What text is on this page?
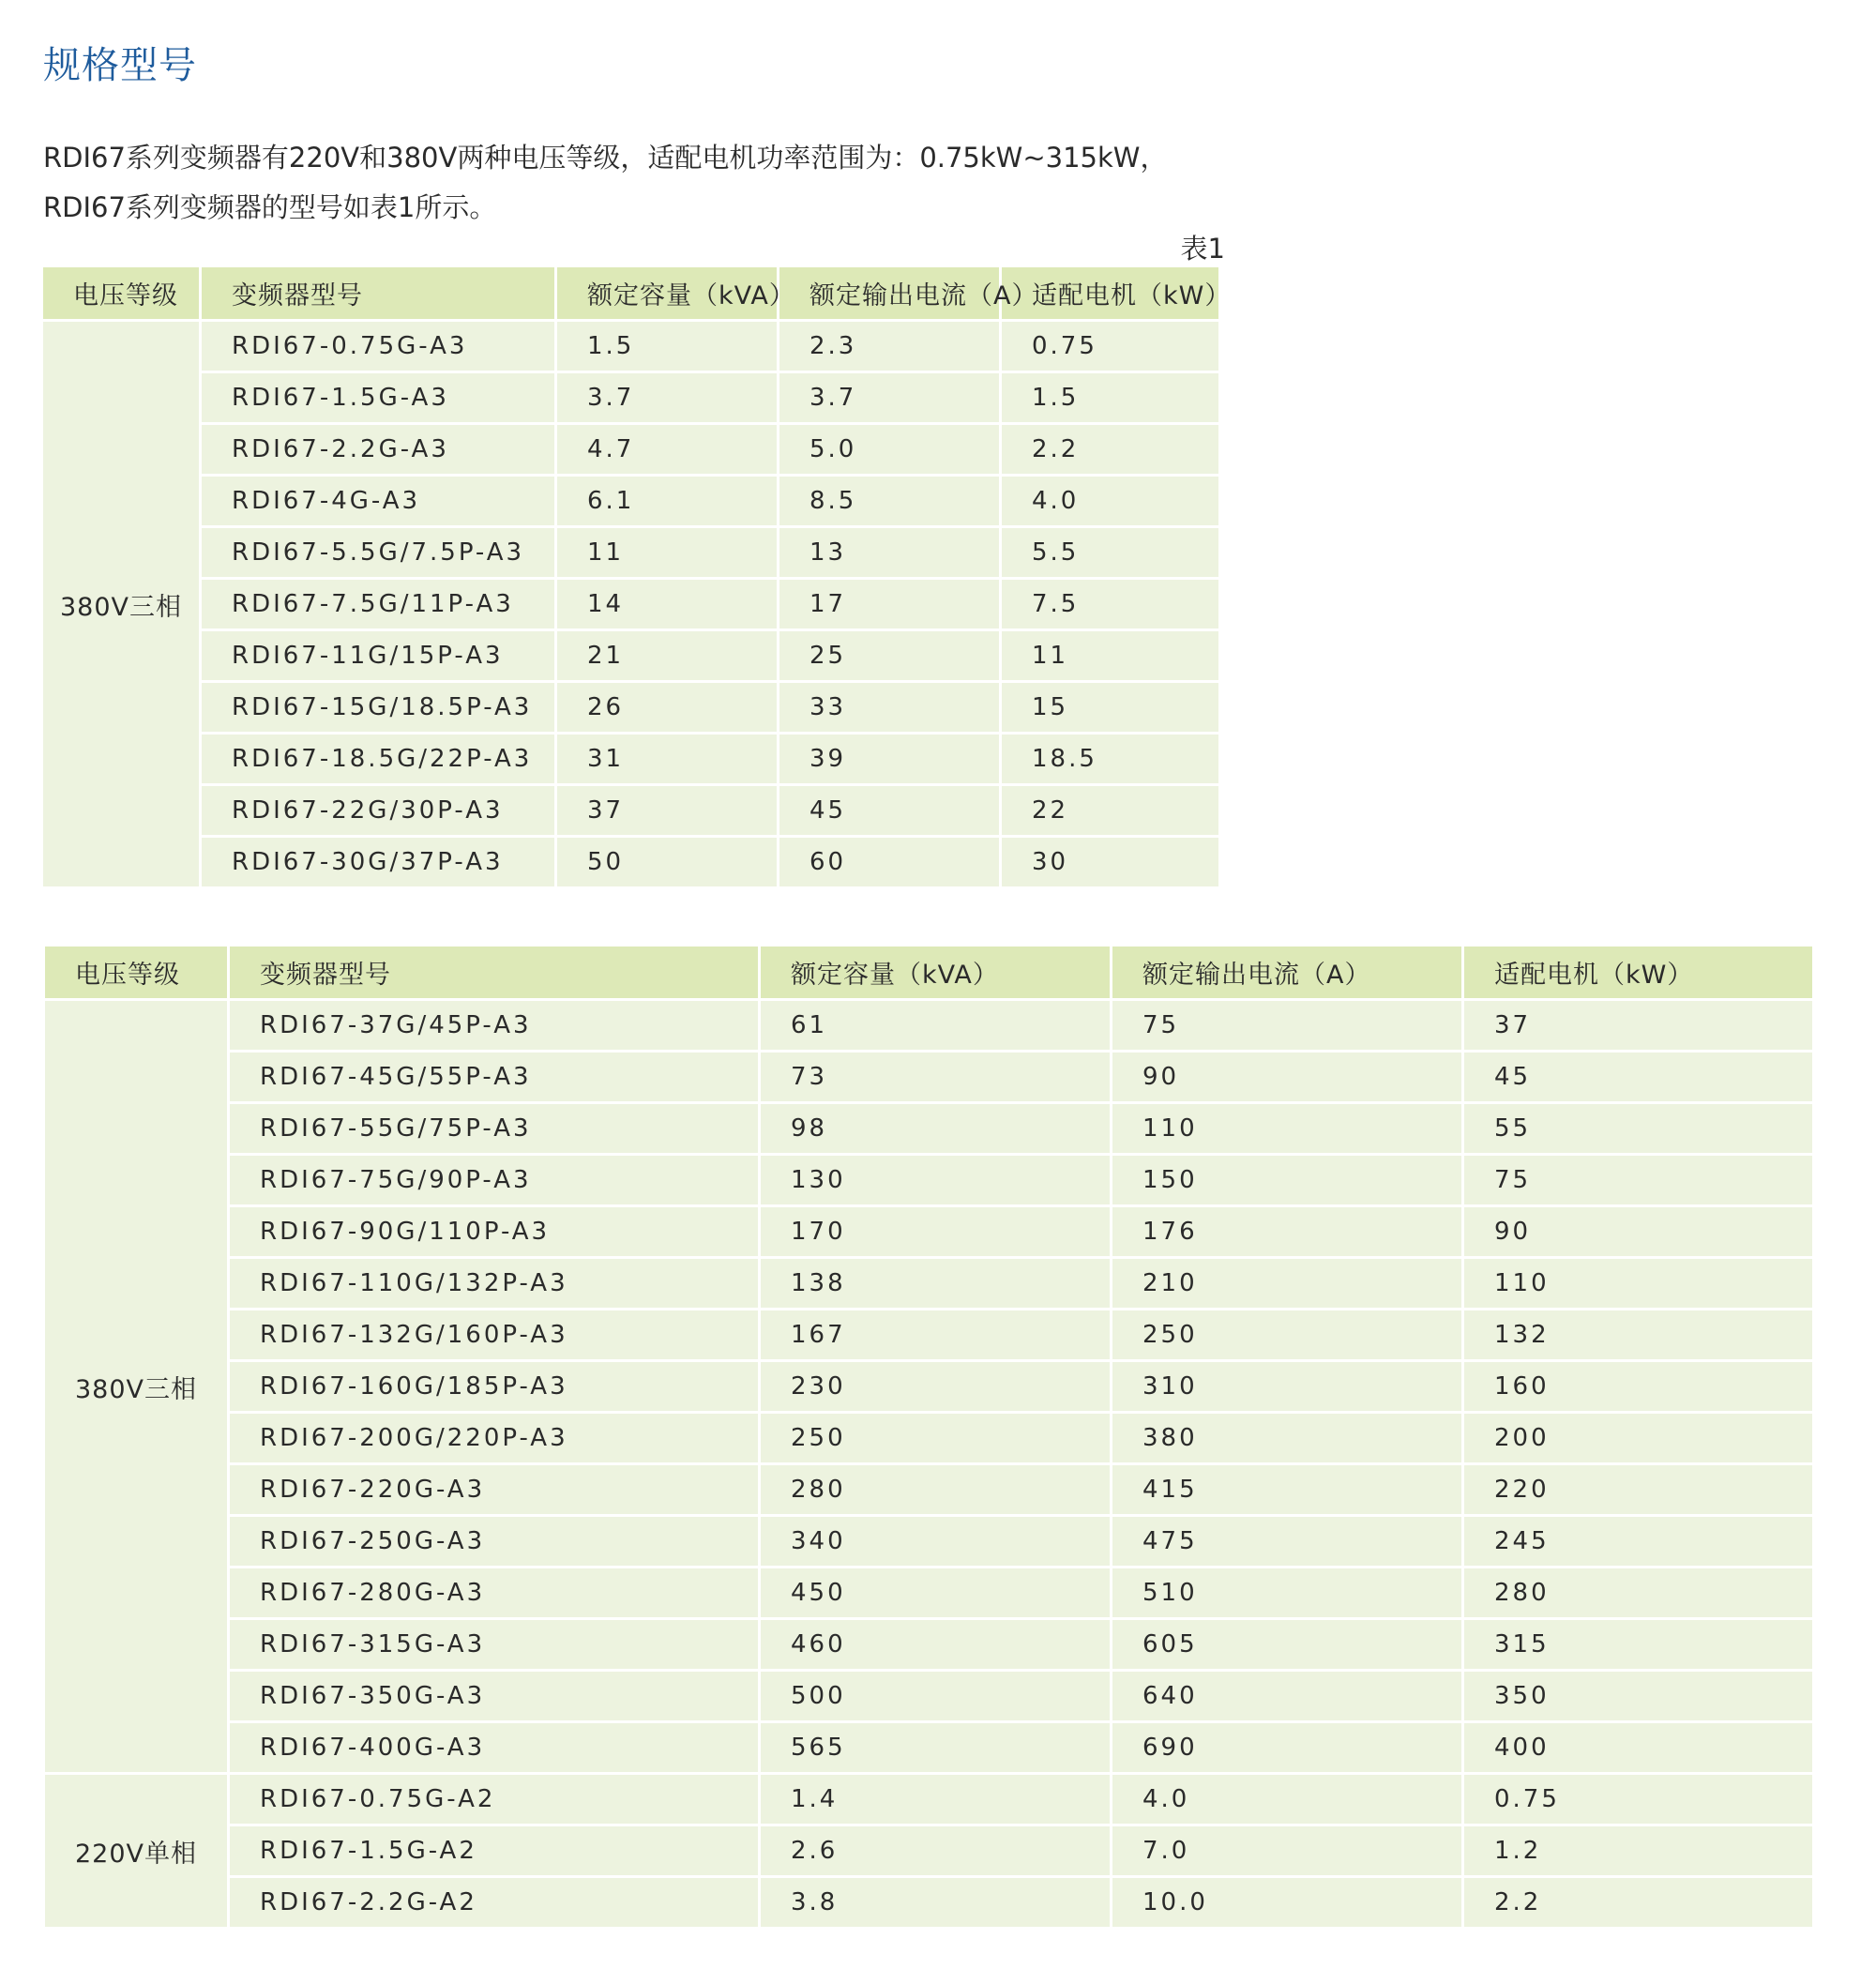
规格型号
RDI67系列变频器有220V和380V两种电压等级，适配电机功率范围为：0.75kW~315kW，
RDI67系列变频器的型号如表1所示。
表1
电压等级	变频器型号	额定容量（kVA）	额定输出电流（A）	适配电机（kW）
380V三相	RDI67-0.75G-A3	1.5	2.3	0.75
	RDI67-1.5G-A3	3.7	3.7	1.5
	RDI67-2.2G-A3	4.7	5.0	2.2
	RDI67-4G-A3	6.1	8.5	4.0
	RDI67-5.5G/7.5P-A3	11	13	5.5
	RDI67-7.5G/11P-A3	14	17	7.5
	RDI67-11G/15P-A3	21	25	11
	RDI67-15G/18.5P-A3	26	33	15
	RDI67-18.5G/22P-A3	31	39	18.5
	RDI67-22G/30P-A3	37	45	22
	RDI67-30G/37P-A3	50	60	30
电压等级	变频器型号	额定容量（kVA）	额定输出电流（A）	适配电机（kW）
380V三相	RDI67-37G/45P-A3	61	75	37
	RDI67-45G/55P-A3	73	90	45
	RDI67-55G/75P-A3	98	110	55
	RDI67-75G/90P-A3	130	150	75
	RDI67-90G/110P-A3	170	176	90
	RDI67-110G/132P-A3	138	210	110
	RDI67-132G/160P-A3	167	250	132
	RDI67-160G/185P-A3	230	310	160
	RDI67-200G/220P-A3	250	380	200
	RDI67-220G-A3	280	415	220
	RDI67-250G-A3	340	475	245
	RDI67-280G-A3	450	510	280
	RDI67-315G-A3	460	605	315
	RDI67-350G-A3	500	640	350
	RDI67-400G-A3	565	690	400
220V单相	RDI67-0.75G-A2	1.4	4.0	0.75
	RDI67-1.5G-A2	2.6	7.0	1.2
	RDI67-2.2G-A2	3.8	10.0	2.2
